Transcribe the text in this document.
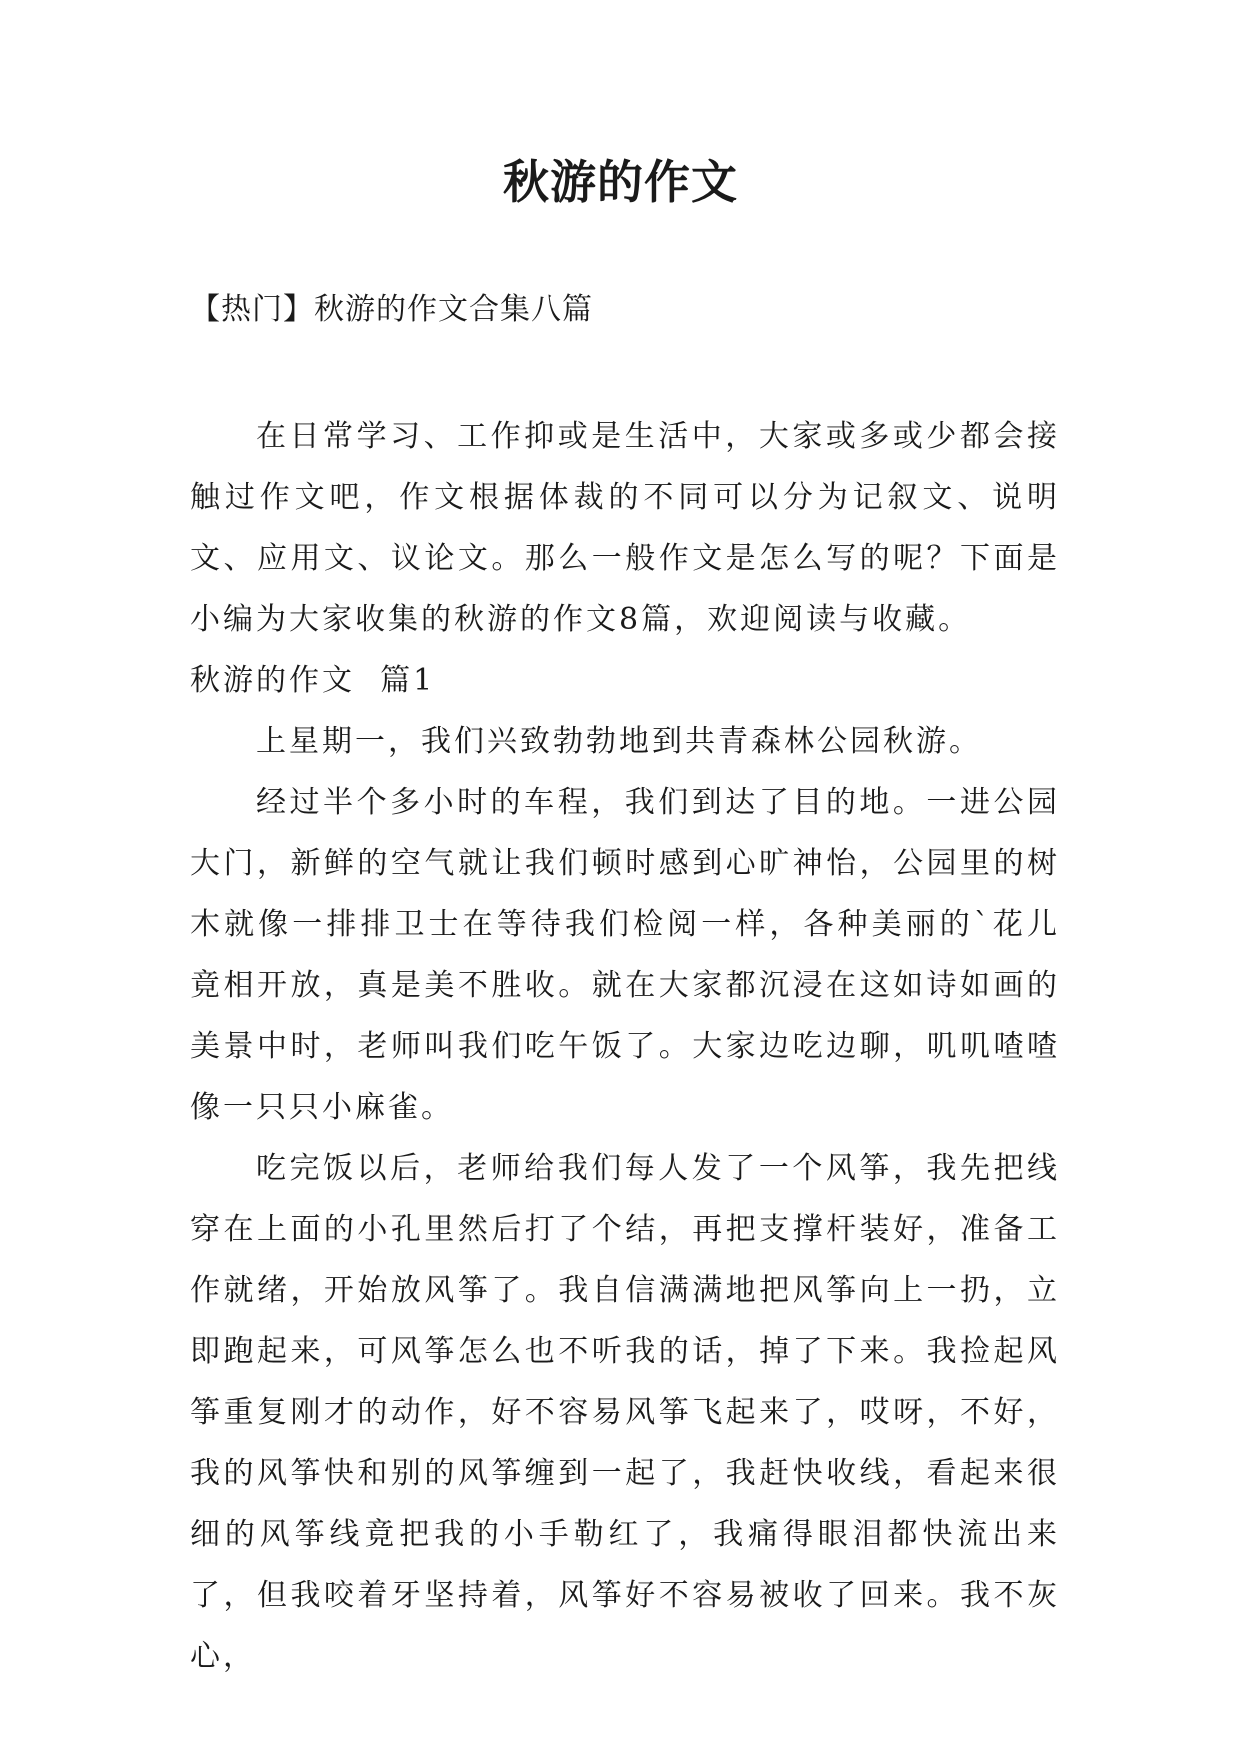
秋游的作文

【热门】秋游的作文合集八篇

在日常学习、工作抑或是生活中，大家或多或少都会接触过作文吧，作文根据体裁的不同可以分为记叙文、说明文、应用文、议论文。那么一般作文是怎么写的呢？下面是小编为大家收集的秋游的作文8篇，欢迎阅读与收藏。

秋游的作文  篇1

上星期一，我们兴致勃勃地到共青森林公园秋游。

经过半个多小时的车程，我们到达了目的地。一进公园大门，新鲜的空气就让我们顿时感到心旷神怡，公园里的树木就像一排排卫士在等待我们检阅一样，各种美丽的`花儿竟相开放，真是美不胜收。就在大家都沉浸在这如诗如画的美景中时，老师叫我们吃午饭了。大家边吃边聊，叽叽喳喳像一只只小麻雀。

吃完饭以后，老师给我们每人发了一个风筝，我先把线穿在上面的小孔里然后打了个结，再把支撑杆装好，准备工作就绪，开始放风筝了。我自信满满地把风筝向上一扔，立即跑起来，可风筝怎么也不听我的话，掉了下来。我捡起风筝重复刚才的动作，好不容易风筝飞起来了，哎呀，不好，我的风筝快和别的风筝缠到一起了，我赶快收线，看起来很细的风筝线竟把我的小手勒红了，我痛得眼泪都快流出来了，但我咬着牙坚持着，风筝好不容易被收了回来。我不灰心，
